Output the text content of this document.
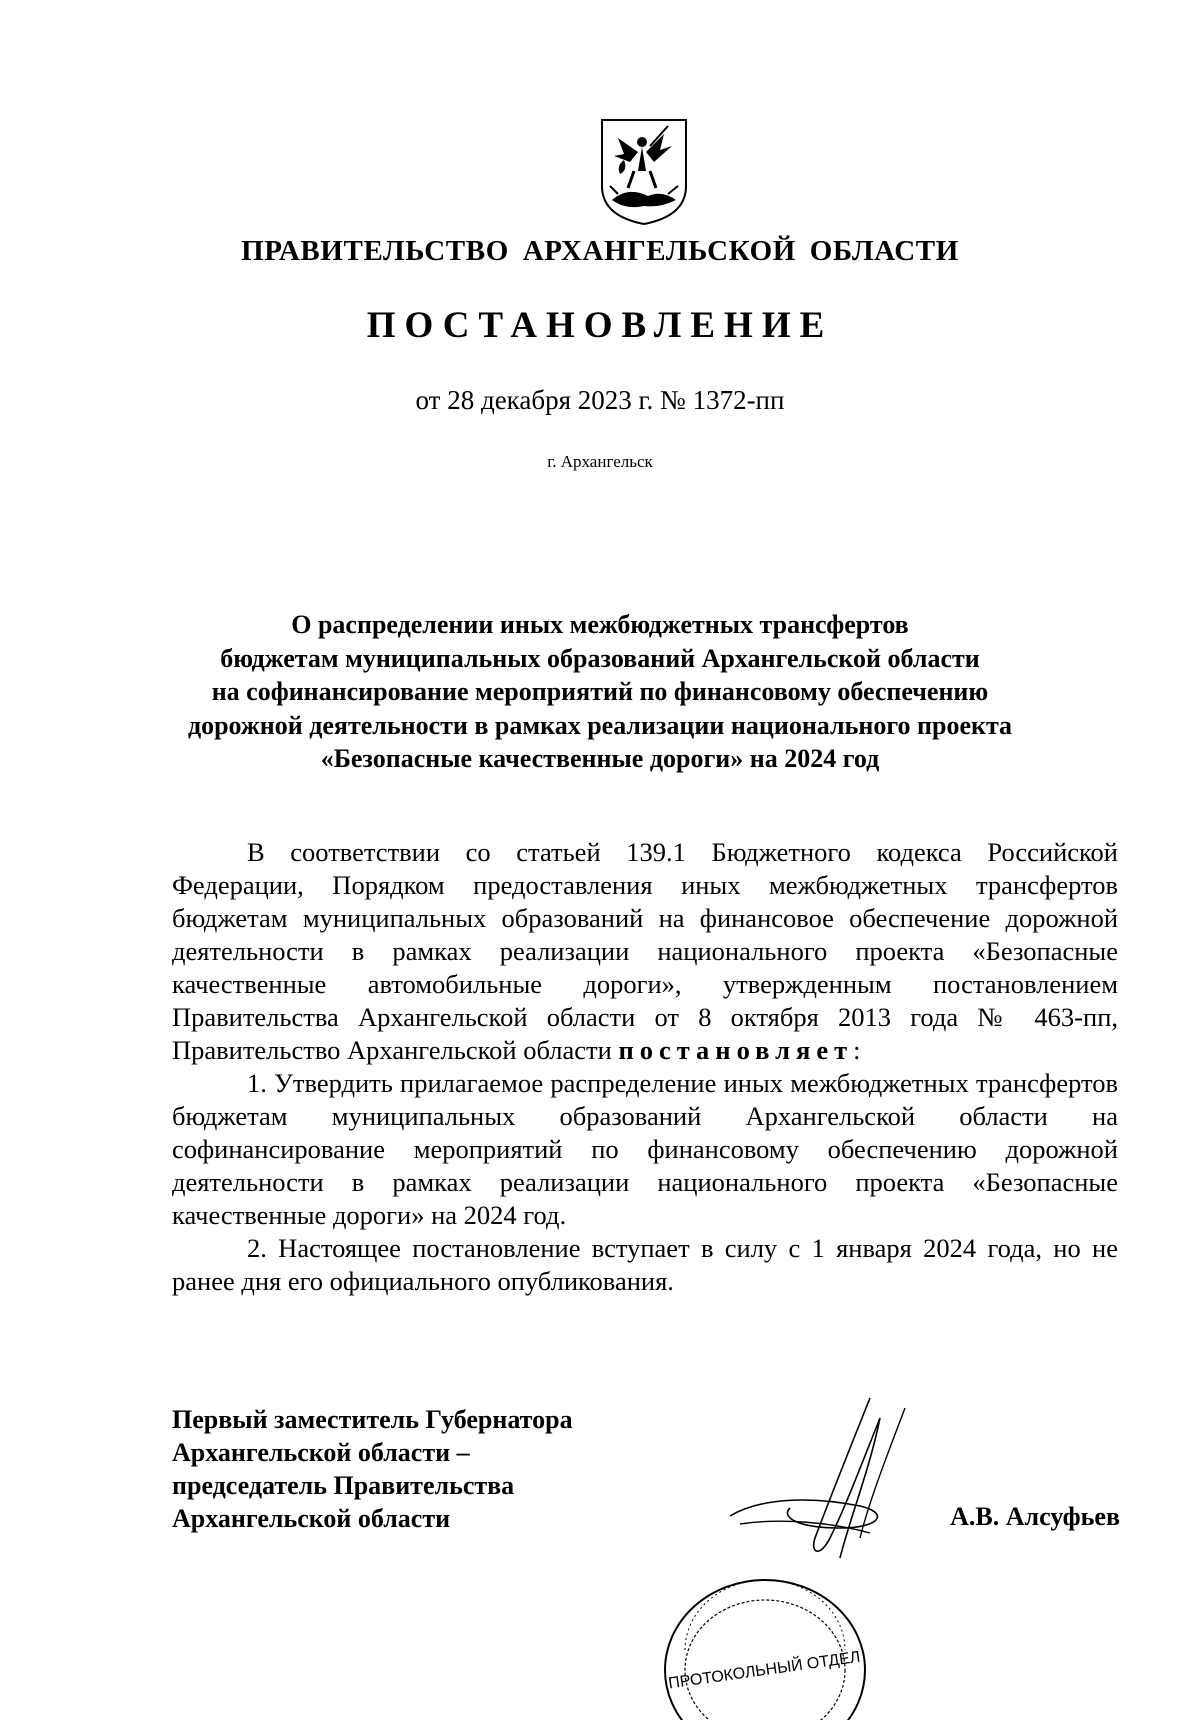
ПРАВИТЕЛЬСТВО АРХАНГЕЛЬСКОЙ ОБЛАСТИ
ПОСТАНОВЛЕНИЕ
от 28 декабря 2023 г. № 1372-пп
г. Архангельск
О распределении иных межбюджетных трансфертов
бюджетам муниципальных образований Архангельской области
на софинансирование мероприятий по финансовому обеспечению
дорожной деятельности в рамках реализации национального проекта
«Безопасные качественные дороги» на 2024 год

В соответствии со статьей 139.1 Бюджетного кодекса Российской Федерации, Порядком предоставления иных межбюджетных трансфертов бюджетам муниципальных образований на финансовое обеспечение дорожной деятельности в рамках реализации национального проекта «Безопасные качественные автомобильные дороги», утвержденным постановлением Правительства Архангельской области от 8 октября 2013 года № 463-пп, Правительство Архангельской области постановляет:

1. Утвердить прилагаемое распределение иных межбюджетных трансфертов бюджетам муниципальных образований Архангельской области на софинансирование мероприятий по финансовому обеспечению дорожной деятельности в рамках реализации национального проекта «Безопасные качественные дороги» на 2024 год.

2. Настоящее постановление вступает в силу с 1 января 2024 года, но не ранее дня его официального опубликования.

Первый заместитель Губернатора
Архангельской области –
председатель Правительства
Архангельской области	А.В. Алсуфьев
ПРОТОКОЛЬНЫЙ ОТДЕЛ
